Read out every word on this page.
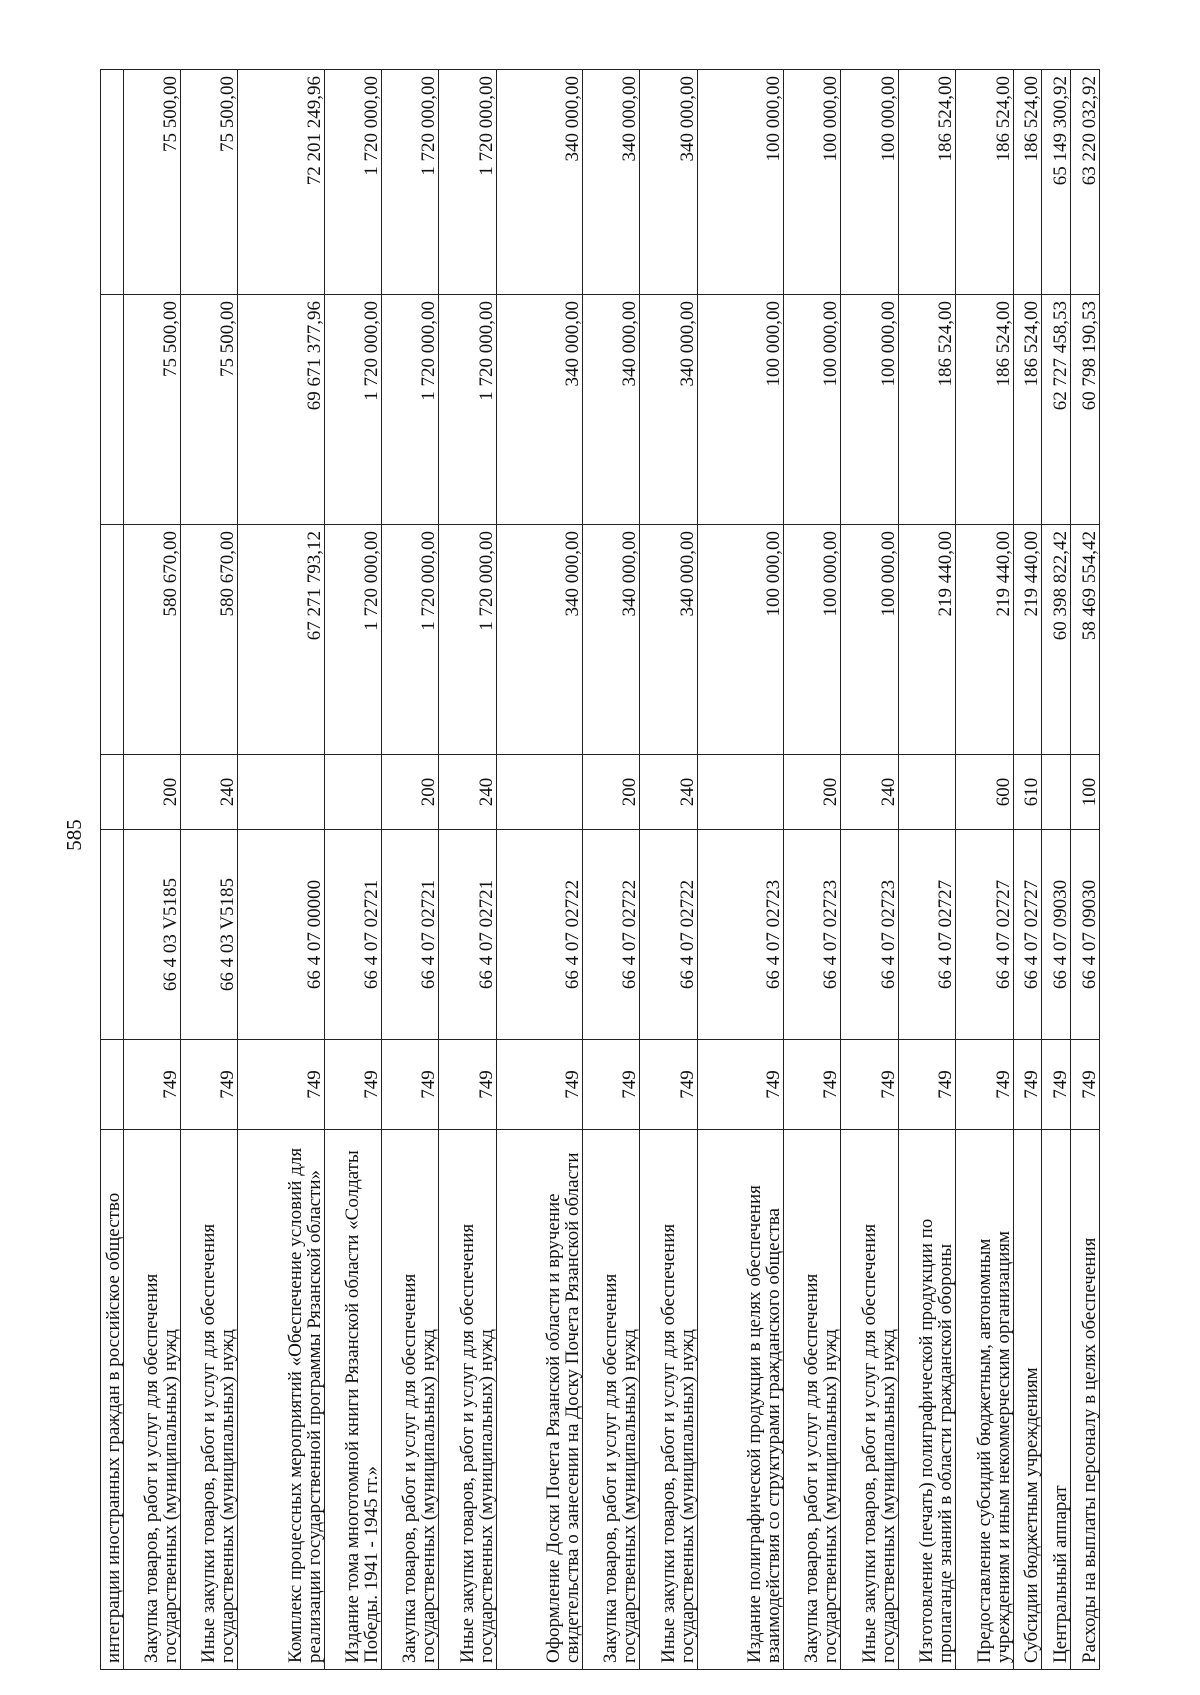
585
интеграции иностранных граждан в российское общество						
Закупка товаров, работ и услуг для обеспечения государственных (муниципальных) нужд	749	66 4 03 V5185	200	580 670,00	75 500,00	75 500,00
Иные закупки товаров, работ и услуг для обеспечения государственных (муниципальных) нужд	749	66 4 03 V5185	240	580 670,00	75 500,00	75 500,00
Комплекс процессных мероприятий «Обеспечение условий для реализации государственной программы Рязанской области»	749	66 4 07 00000		67 271 793,12	69 671 377,96	72 201 249,96
Издание тома многотомной книги Рязанской области «Солдаты Победы. 1941 - 1945 гг.»	749	66 4 07 02721		1 720 000,00	1 720 000,00	1 720 000,00
Закупка товаров, работ и услуг для обеспечения государственных (муниципальных) нужд	749	66 4 07 02721	200	1 720 000,00	1 720 000,00	1 720 000,00
Иные закупки товаров, работ и услуг для обеспечения государственных (муниципальных) нужд	749	66 4 07 02721	240	1 720 000,00	1 720 000,00	1 720 000,00
Оформление Доски Почета Рязанской области и вручение свидетельства о занесении на Доску Почета Рязанской области	749	66 4 07 02722		340 000,00	340 000,00	340 000,00
Закупка товаров, работ и услуг для обеспечения государственных (муниципальных) нужд	749	66 4 07 02722	200	340 000,00	340 000,00	340 000,00
Иные закупки товаров, работ и услуг для обеспечения государственных (муниципальных) нужд	749	66 4 07 02722	240	340 000,00	340 000,00	340 000,00
Издание полиграфической продукции в целях обеспечения взаимодействия со структурами гражданского общества	749	66 4 07 02723		100 000,00	100 000,00	100 000,00
Закупка товаров, работ и услуг для обеспечения государственных (муниципальных) нужд	749	66 4 07 02723	200	100 000,00	100 000,00	100 000,00
Иные закупки товаров, работ и услуг для обеспечения государственных (муниципальных) нужд	749	66 4 07 02723	240	100 000,00	100 000,00	100 000,00
Изготовление (печать) полиграфической продукции по пропаганде знаний в области гражданской обороны	749	66 4 07 02727		219 440,00	186 524,00	186 524,00
Предоставление субсидий бюджетным, автономным учреждениям и иным некоммерческим организациям	749	66 4 07 02727	600	219 440,00	186 524,00	186 524,00
Субсидии бюджетным учреждениям	749	66 4 07 02727	610	219 440,00	186 524,00	186 524,00
Центральный аппарат	749	66 4 07 09030		60 398 822,42	62 727 458,53	65 149 300,92
Расходы на выплаты персоналу в целях обеспечения	749	66 4 07 09030	100	58 469 554,42	60 798 190,53	63 220 032,92
